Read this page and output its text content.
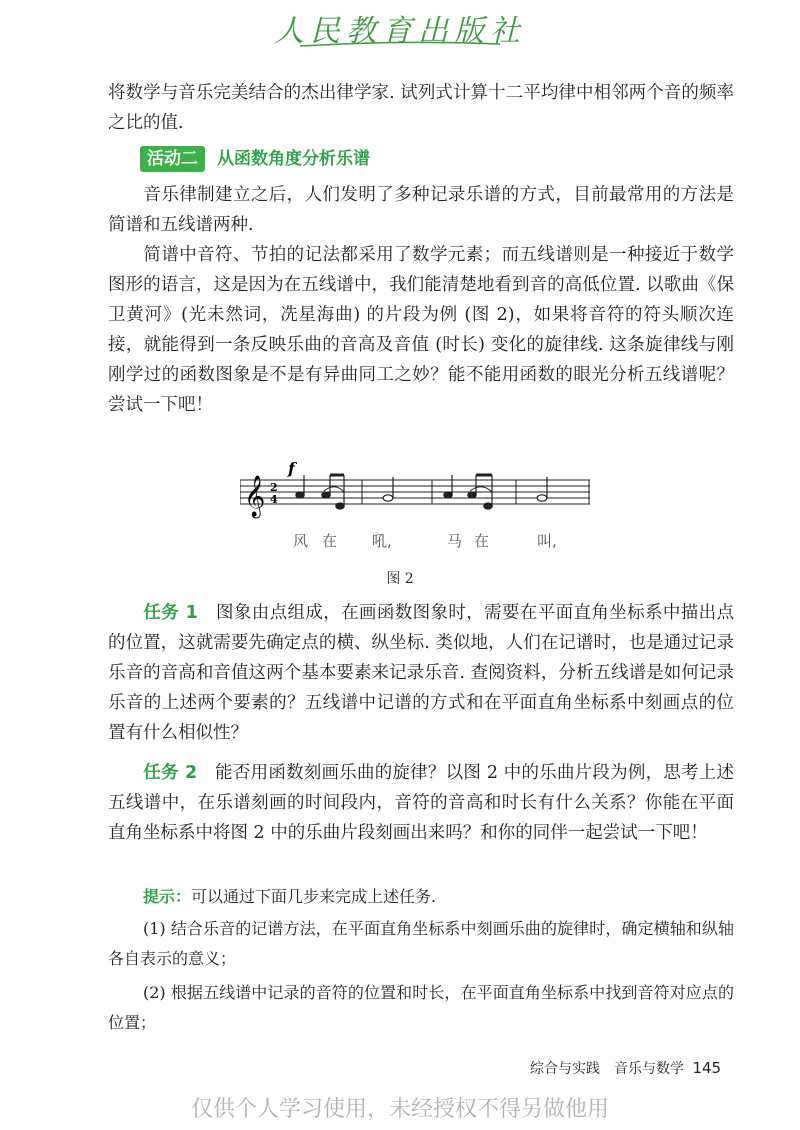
人民教育出版社

将数学与音乐完美结合的杰出律学家. 试列式计算十二平均律中相邻两个音的频率之比的值.

活动二 从函数角度分析乐谱

音乐律制建立之后，人们发明了多种记录乐谱的方式，目前最常用的方法是简谱和五线谱两种.

简谱中音符、节拍的记法都采用了数学元素；而五线谱则是一种接近于数学图形的语言，这是因为在五线谱中，我们能清楚地看到音的高低位置. 以歌曲《保卫黄河》(光未然词，冼星海曲) 的片段为例 (图 2)，如果将音符的符头顺次连接，就能得到一条反映乐曲的音高及音值 (时长) 变化的旋律线. 这条旋律线与刚刚学过的函数图象是不是有异曲同工之妙？能不能用函数的眼光分析五线谱呢？尝试一下吧！

𝄞 2
4
f
风 在 吼,	马 在	叫,
图 2

任务 1　 图象由点组成，在画函数图象时，需要在平面直角坐标系中描出点的位置，这就需要先确定点的横、纵坐标. 类似地，人们在记谱时，也是通过记录乐音的音高和音值这两个基本要素来记录乐音. 查阅资料，分析五线谱是如何记录乐音的上述两个要素的？五线谱中记谱的方式和在平面直角坐标系中刻画点的位置有什么相似性？

任务 2　 能否用函数刻画乐曲的旋律？以图 2 中的乐曲片段为例，思考上述五线谱中，在乐谱刻画的时间段内，音符的音高和时长有什么关系？你能在平面直角坐标系中将图 2 中的乐曲片段刻画出来吗？和你的同伴一起尝试一下吧！

提示：可以通过下面几步来完成上述任务.

(1) 结合乐音的记谱方法，在平面直角坐标系中刻画乐曲的旋律时，确定横轴和纵轴各自表示的意义；

(2) 根据五线谱中记录的音符的位置和时长，在平面直角坐标系中找到音符对应点的位置；

综合与实践　音乐与数学 145
仅供个人学习使用，未经授权不得另做他用
